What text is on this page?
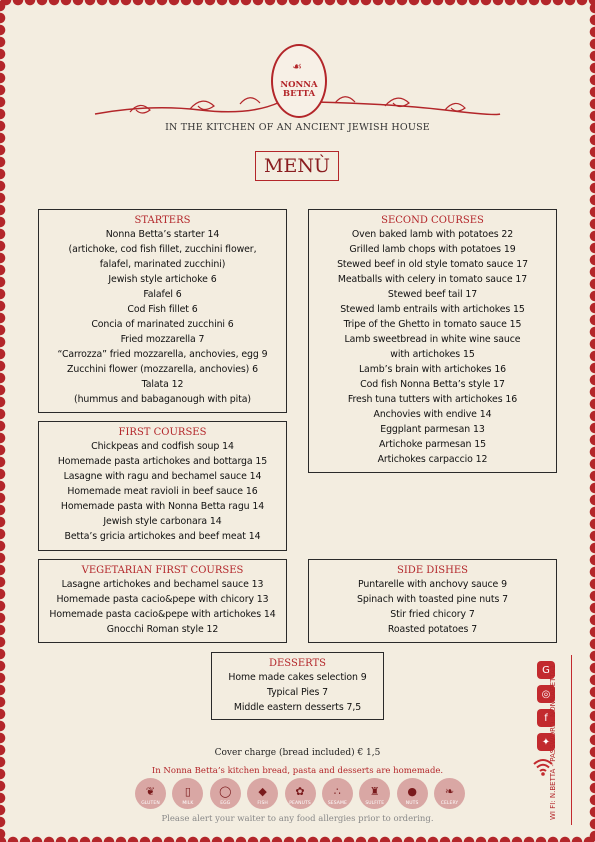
NONNA BETTA
☙
IN THE KITCHEN OF AN ANCIENT JEWISH HOUSE
MENÙ
STARTERS
Nonna Betta’s starter 14
(artichoke, cod fish fillet, zucchini flower,
falafel, marinated zucchini)
Jewish style artichoke 6
Falafel 6
Cod Fish fillet 6
Concia of marinated zucchini 6
Fried mozzarella 7
“Carrozza” fried mozzarella, anchovies, egg 9
Zucchini flower (mozzarella, anchovies) 6
Talata 12
(hummus and babaganough with pita)
SECOND COURSES
Oven baked lamb with potatoes 22
Grilled lamb chops with potatoes 19
Stewed beef in old style tomato sauce 17
Meatballs with celery in tomato sauce 17
Stewed beef tail 17
Stewed lamb entrails with artichokes 15
Tripe of the Ghetto in tomato sauce 15
Lamb sweetbread in white wine sauce
with artichokes 15
Lamb’s brain with artichokes 16
Cod fish Nonna Betta’s style 17
Fresh tuna tutters with artichokes 16
Anchovies with endive 14
Eggplant parmesan 13
Artichoke parmesan 15
Artichokes carpaccio 12
FIRST COURSES
Chickpeas and codfish soup 14
Homemade pasta artichokes and bottarga 15
Lasagne with ragu and bechamel sauce 14
Homemade meat ravioli in beef sauce 16
Homemade pasta with Nonna Betta ragu 14
Jewish style carbonara 14
Betta’s gricia artichokes and beef meat 14
VEGETARIAN FIRST COURSES
Lasagne artichokes and bechamel sauce 13
Homemade pasta cacio&pepe with chicory 13
Homemade pasta cacio&pepe with artichokes 14
Gnocchi Roman style 12
SIDE DISHES
Puntarelle with anchovy sauce 9
Spinach with toasted pine nuts 7
Stir fried chicory 7
Roasted potatoes 7
DESSERTS
Home made cakes selection 9
Typical Pies 7
Middle eastern desserts 7,5
Cover charge (bread included) € 1,5
In Nonna Betta’s kitchen bread, pasta and desserts are homemade.
❦
GLUTEN
▯
MILK
◯
EGG
◆
FISH
✿
PEANUTS
∴
SESAME
♜
SULFITE
●
NUTS
❧
CELERY
Please alert your waiter to any food allergies prior to ordering.
G
◎
f
✦
WI FI: N.BETTA - PASSWORD: NONNABETTA1
